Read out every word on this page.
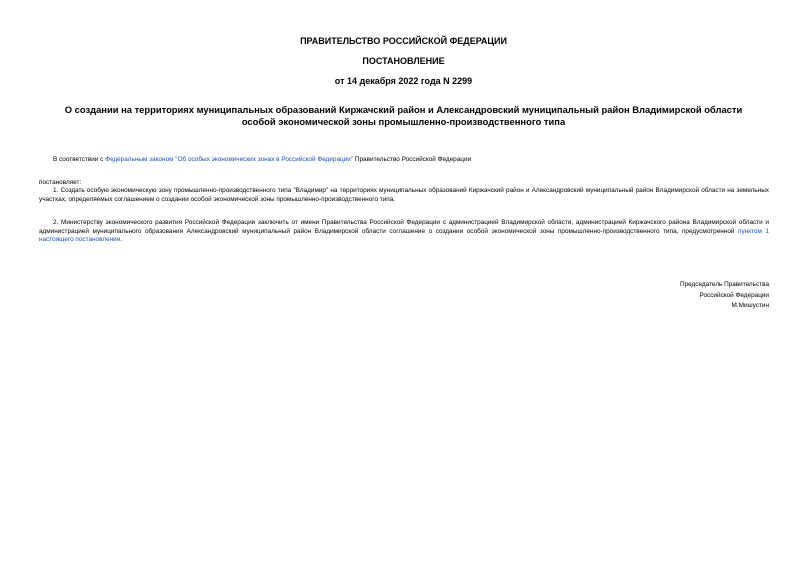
ПРАВИТЕЛЬСТВО РОССИЙСКОЙ ФЕДЕРАЦИИ
ПОСТАНОВЛЕНИЕ
от 14 декабря 2022 года N 2299
О создании на территориях муниципальных образований Киржачский район и Александровский муниципальный район Владимирской области особой экономической зоны промышленно-производственного типа
В соответствии с Федеральным законом "Об особых экономических зонах в Российской Федерации" Правительство Российской Федерации
постановляет:
1. Создать особую экономическую зону промышленно-производственного типа "Владимир" на территориях муниципальных образований Киржачский район и Александровский муниципальный район Владимирской области на земельных участках, определяемых соглашением о создании особой экономической зоны промышленно-производственного типа.
2. Министерству экономического развития Российской Федерации заключить от имени Правительства Российской Федерации с администрацией Владимирской области, администрацией Киржачского района Владимирской области и администрацией муниципального образования Александровский муниципальный район Владимирской области соглашение о создании особой экономической зоны промышленно-производственного типа, предусмотренной пунктом 1 настоящего постановления.
Председатель Правительства
Российской Федерации
М.Мишустин
